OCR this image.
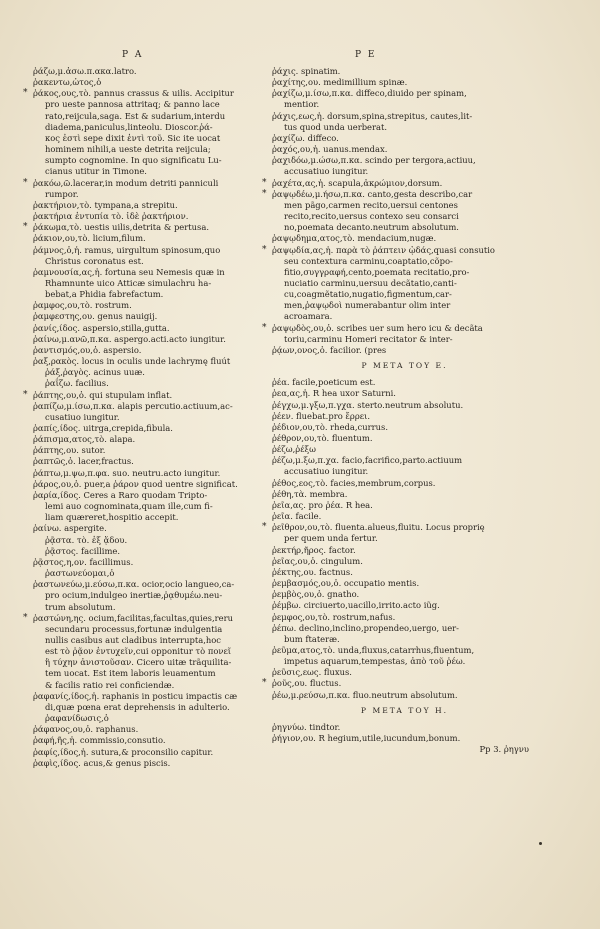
P A	P E
ῥάζω,μ.ἀσω.π.ακα.latro.
ῥακεντω,ὠτος,ὁ
* ῥάκος,ους,τὸ. pannus crassus & uilis. Accipitur
pro ueste pannosa attritaq; & panno lace
rato,reijcula,saga. Est & sudarium,interdu
diadema,paniculus,linteolu. Dioscor.ῥά-
κος ἐστὶ sepe dixit ἐντὶ τοῦ. Sic ite uocat
hominem nihili,a ueste detrita reijcula;
sumpto cognomine. In quo significatu Lu-
cianus utitur in Timone.
* ῥακόω,ῶ.lacerar,in modum detriti panniculi
rumpor.
ῥακτήριον,τὸ. tympana,a strepitu.
ῥακτήρια ἐντυπία τὸ. ἰδὲ ῥακτήριον.
* ῥάκωμα,τὸ. uestis uilis,detrita & pertusa.
ῥάκιον,ου,τὸ. licium,filum.
ῥάμνος,ὁ,ἡ. ramus, uirgultum spinosum,quo
Christus coronatus est.
ῥαμνουσία,ας,ἡ. fortuna seu Nemesis quæ in
Rhamnunte uico Atticæ simulachru ha-
bebat,a Phidia fabrefactum.
ῥαμφος,ου,τὸ. rostrum.
ῥαμφεστης,ου. genus nauigij.
ῥανίς,ίδος. aspersio,stilla,gutta.
ῥαίνω,μ.ανῶ,π.κα. aspergo.acti.acto iungitur.
ῥαντισμός,ου,ὁ. aspersio.
ῥαξ,ρακὸς. locus in oculis unde lachrymę fluút
ῥάξ,ῥαγὸς. acinus uuæ.
ῥαΐζω. facilius.
* ῥάπτης,ου,ὁ. qui stupulam inflat.
ῥαπίζω,μ.ίσω,π.κα. alapis percutio.actiuum,ac-
cusatiuo iungitur.
ῥαπίς,ίδος. uitrga,crepida,fibula.
ῥάπισμα,ατος,τὸ. alapa.
ῥάπτης,ου. sutor.
ῥαπτῶς,ὁ. lacer,fractus.
ῥάπτω,μ.ψω,π.φα. suo. neutru.acto iungitur.
ῥάρος,ου,ὁ. puer,a ῥάρον quod uentre significat.
ῥαρία,ίδος. Ceres a Raro quodam Tripto-
lemi auo cognominata,quam ille,cum fi-
liam quæreret,hospitio accepit.
ῥαίνω. aspergite.
ῥᾷστα. τὸ. ἐξ ᾅδου.
ῥᾷστος. facillime.
ῥᾷστος,η,ον. facillimus.
ῥαστωνεύομαι,ὁ
ῥαστωνεύω,μ.εύσω,π.κα. ocior,ocio langueo,ca-
pro ocium,indulgeo inertiæ,ῥᾳθυμέω.neu-
trum absolutum.
* ῥαστώνη,ης. ocium,facilitas,facultas,quies,reru
secundaru processus,fortunæ indulgentia
nullis casibus aut cladibus interrupta,hoc
est τὸ ῥᾷον ἐντυχεῖν,cui opponitur τὸ πονεῖ
ἢ τύχην ἀνιστοῦσαν. Cicero uitæ trãquilita-
tem uocat. Est item laboris leuamentum
& facilis ratio rei conficiendæ.
ῥαφανίς,ίδος,ἡ. raphanis in posticu impactis cæ
di,quæ pœna erat deprehensis in adulterio.
ῥαφανίδωσις,ὁ
ῥάφανος,ου,ὁ. raphanus.
ῥαφή,ῆς,ἡ. commissio,consutio.
ῥαφίς,ίδος,ἡ. sutura,& proconsilio capitur.
ῥαφὶς,ίδος. acus,& genus piscis.
ῥάχις. spinatim.
ῥαχίτης,ου. medimillium spinæ.
ῥαχίζω,μ.ίσω,π.κα. diffeco,diuido per spinam,
mentior.
ῥάχις,εως,ἡ. dorsum,spina,strepitus, cautes,lit-
tus quod unda uerberat.
ῥαχίζω. diffeco.
ῥαχός,ου,ἡ. uanus.mendax.
ῥαχιδόω,μ.ώσω,π.κα. scindo per tergora,actiuu,
accusatiuo iungitur.
* ῥαχέτα,ας,ἡ. scapula,ἀκρώμιον,dorsum.
* ῥαψῳδέω,μ.ήσω,π.κα. canto,gesta describo,car
men pãgo,carmen recito,uersui centones
recito,recito,uersus contexo seu consarci
no,poemata decanto.neutrum absolutum.
ῥαψῳδημα,ατος,τὸ. mendacium,nugæ.
* ῥαψῳδία,ας,ἡ. παρὰ τὸ ῥάπτειν ᾠδάς,quasi consutio
seu contextura carminu,coaptatio,cõpo-
fitio,συγγραφή,cento,poemata recitatio,pro-
nuciatio carminu,uersuu decãtatio,canti-
cu,coagmẽtatio,nugatio,figmentum,car-
men,ῥαψῳδοὶ numerabantur olim inter
acroamara.
* ῥαψῳδὸς,ου,ὁ. scribes uer sum hero icu & decãta
toriu,carminu Homeri recitator & inter-
ῥᾴων,ονος,ὁ. facilior. (pres
Ρ META TOY E.
ῥέα. facile,poeticum est.
ῥεα,ας,ἡ. R hea uxor Saturni.
ῥέγχω,μ.γξω,π.γχα. sterto.neutrum absolutu.
ῥέεν. fluebat.pro ἔρρει.
ῥέδιον,ου,τὸ. rheda,currus.
ῥέθρον,ου,τὸ. fluentum.
ῥέζω,ῥέξω
ῥέζω,μ.ξω,π.χα. facio,facrifico,parto.actiuum
accusatiuo iungitur.
ῥέθος,εος,τὸ. facies,membrum,corpus.
ῥέθη,τὰ. membra.
ῥεῖα,ας. pro ῥέα. R hea.
ῥεῖα. facile.
* ῥεῖθρον,ου,τὸ. fluenta.alueus,fluitu. Locus proprię
per quem unda fertur.
ῥεκτήρ,ῆρος. factor.
ῥεῖας,ου,ὁ. cingulum.
ῥέκτης,ου. factnus.
ῥεμβασμός,ου,ὁ. occupatio mentis.
ῥεμβὸς,ου,ὁ. gnatho.
ῥέμβω. circiuerto,uacillo,irrito.acto iũg.
ῥεμφος,ου,τὸ. rostrum,nafus.
ῥέπω. declino,inclino,propendeo,uergo, uer-
bum ftateræ.
ῥεῦμα,ατος,τὸ. unda,fluxus,catarrhus,fluentum,
impetus aquarum,tempestas, ἀπὸ τοῦ ῥέω.
ῥεῦσις,εως. fluxus.
* ῥοῦς,ου. fluctus.
ῥέω,μ.ρεύσω,π.κα. fluo.neutrum absolutum.
Ρ META TOY H.
ῥηγνύω. tindtor.
ῥήγιον,ου. R hegium,utile,iucundum,bonum.
Pp 3. ῥηγνυ
